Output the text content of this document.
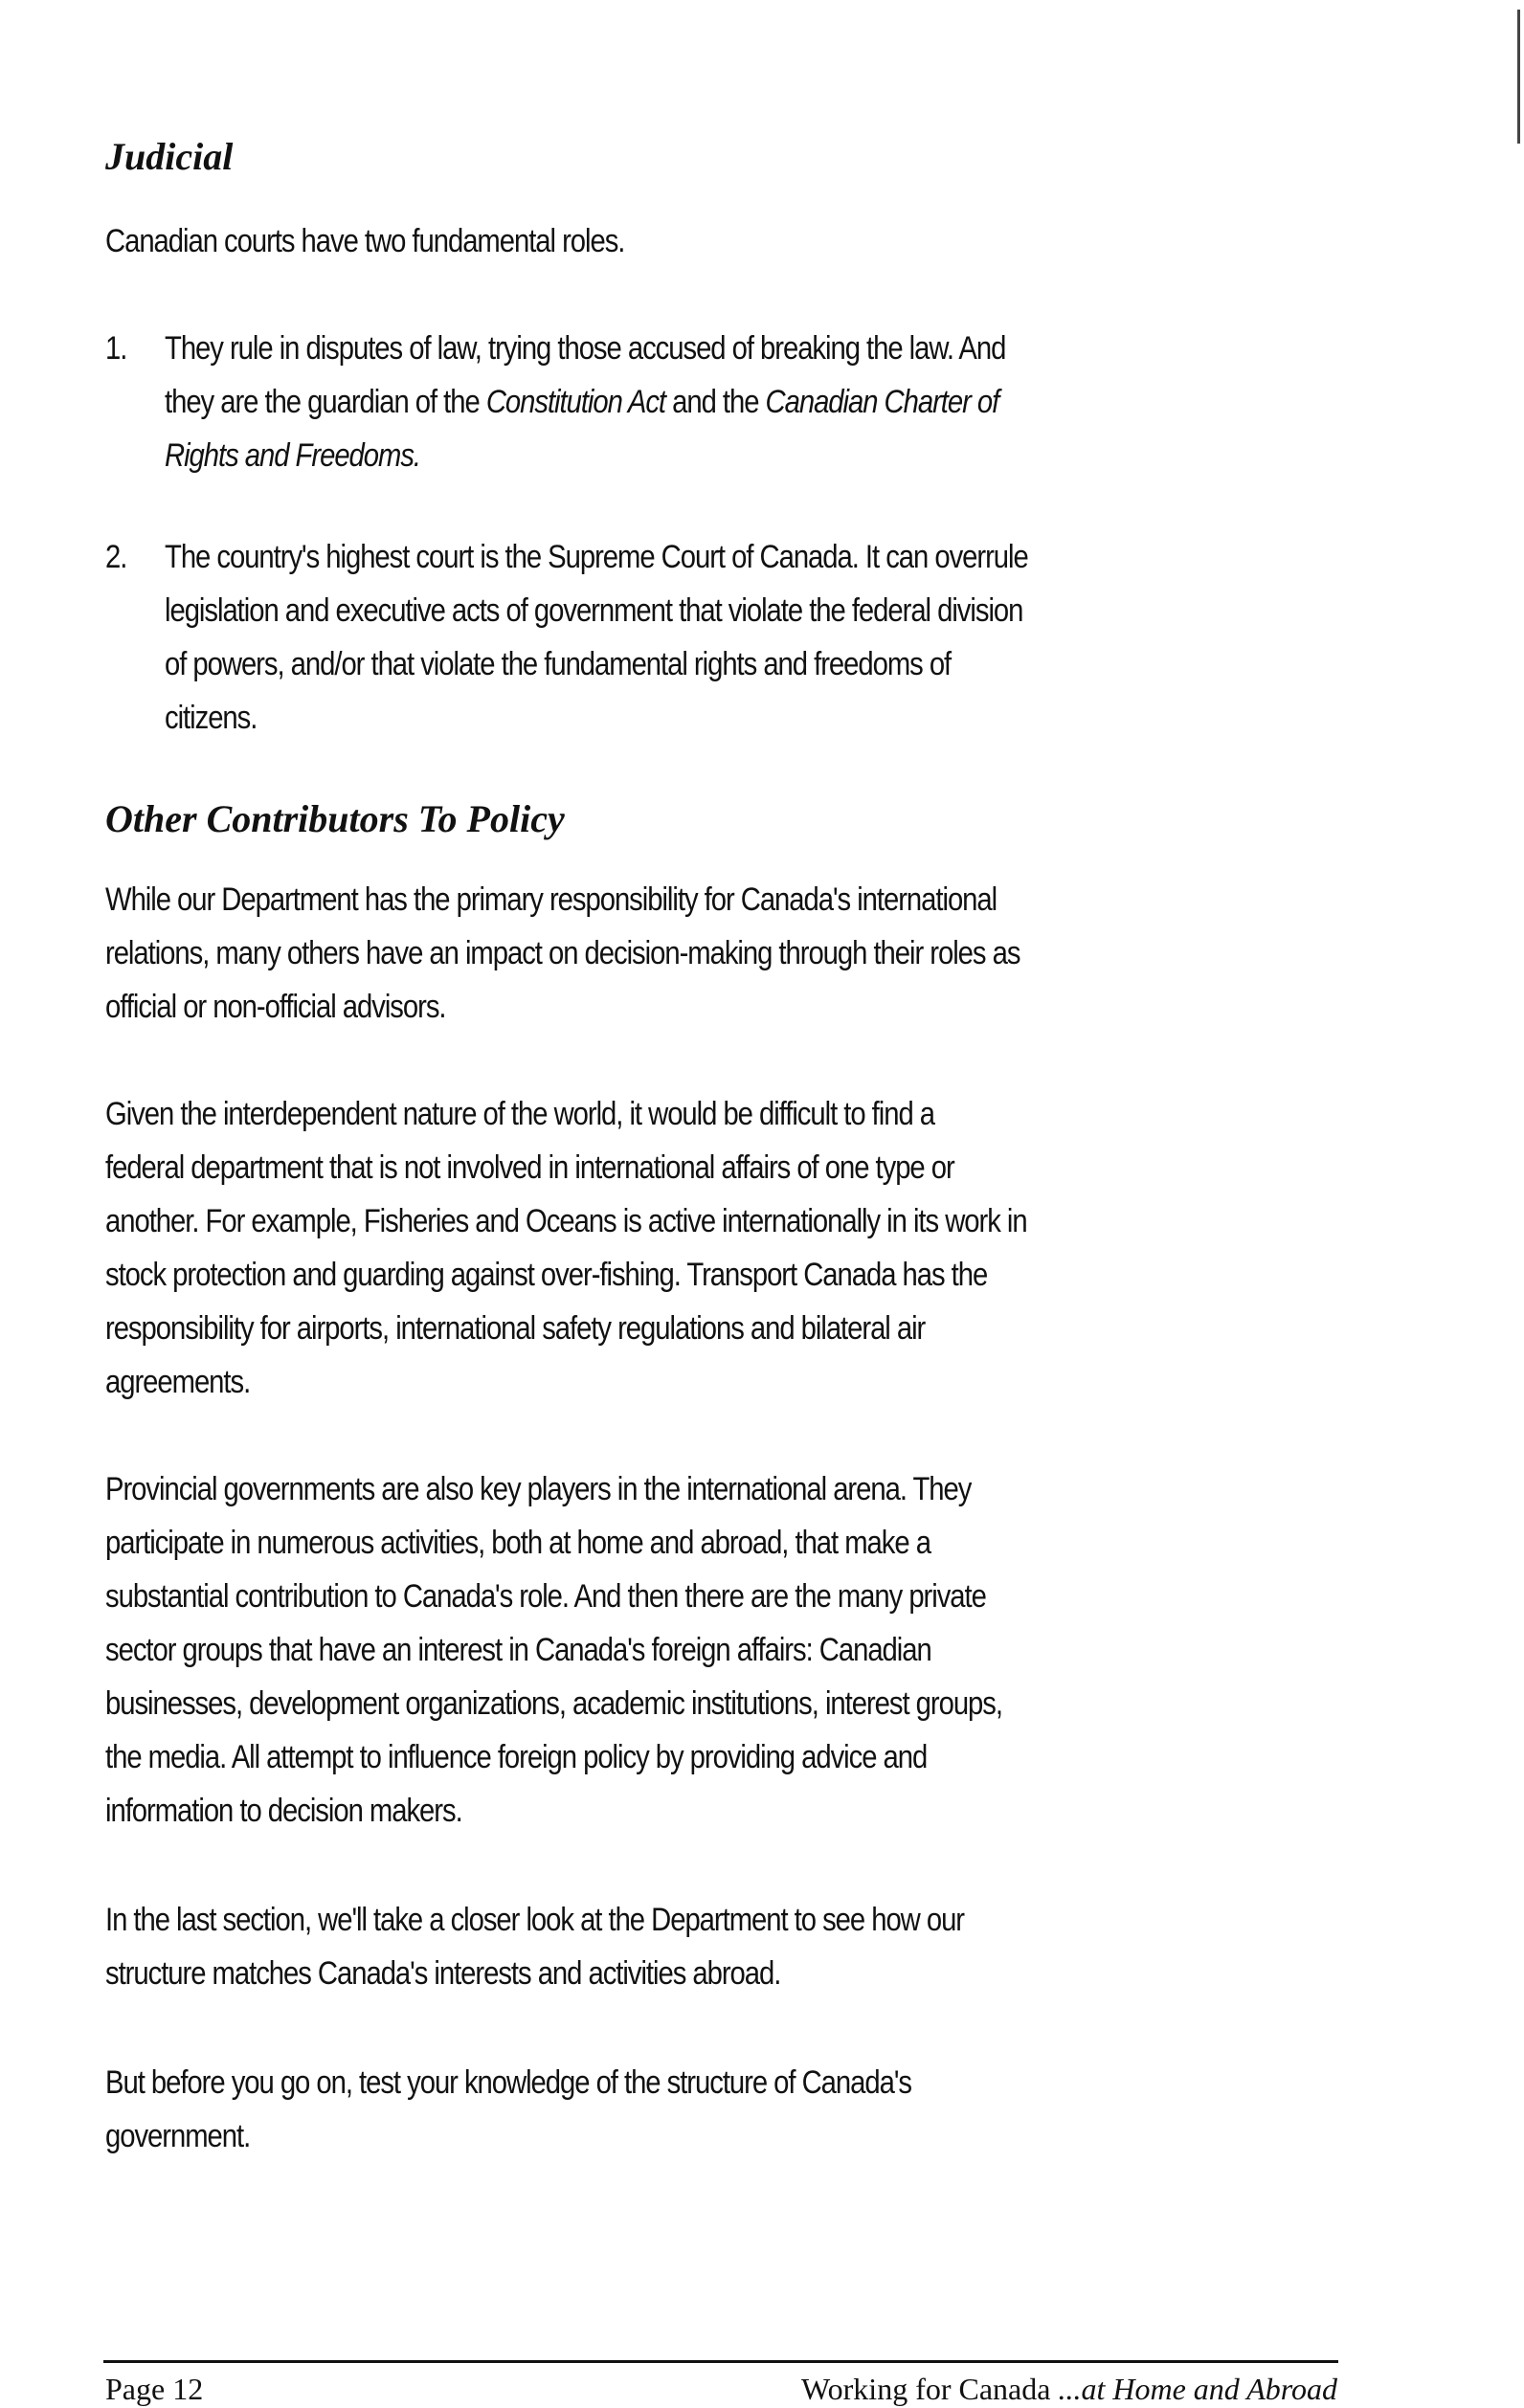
Judicial

Canadian courts have two fundamental roles.

1.	They rule in disputes of law, trying those accused of breaking the law. And
they are the guardian of the Constitution Act and the Canadian Charter of
Rights and Freedoms.

2.	The country's highest court is the Supreme Court of Canada. It can overrule
legislation and executive acts of government that violate the federal division
of powers, and/or that violate the fundamental rights and freedoms of
citizens.

Other Contributors To Policy

While our Department has the primary responsibility for Canada's international
relations, many others have an impact on decision-making through their roles as
official or non-official advisors.

Given the interdependent nature of the world, it would be difficult to find a
federal department that is not involved in international affairs of one type or
another. For example, Fisheries and Oceans is active internationally in its work in
stock protection and guarding against over-fishing. Transport Canada has the
responsibility for airports, international safety regulations and bilateral air
agreements.

Provincial governments are also key players in the international arena. They
participate in numerous activities, both at home and abroad, that make a
substantial contribution to Canada's role. And then there are the many private
sector groups that have an interest in Canada's foreign affairs: Canadian
businesses, development organizations, academic institutions, interest groups,
the media. All attempt to influence foreign policy by providing advice and
information to decision makers.

In the last section, we'll take a closer look at the Department to see how our
structure matches Canada's interests and activities abroad.

But before you go on, test your knowledge of the structure of Canada's
government.

Page 12	Working for Canada ...at Home and Abroad
